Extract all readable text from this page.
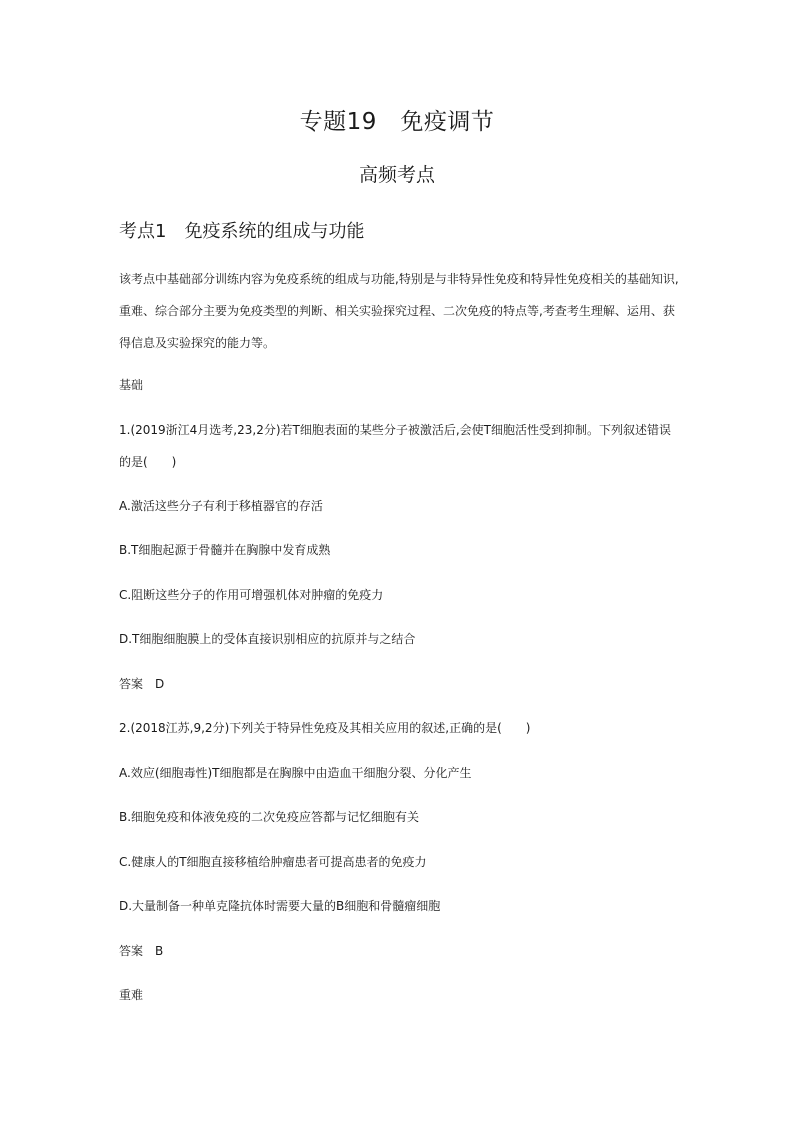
专题19　免疫调节
高频考点
考点1　免疫系统的组成与功能

该考点中基础部分训练内容为免疫系统的组成与功能,特别是与非特异性免疫和特异性免疫相关的基础知识,重难、综合部分主要为免疫类型的判断、相关实验探究过程、二次免疫的特点等,考查考生理解、运用、获得信息及实验探究的能力等。

基础

1.(2019浙江4月选考,23,2分)若T细胞表面的某些分子被激活后,会使T细胞活性受到抑制。下列叙述错误的是(　　)

A.激活这些分子有利于移植器官的存活
B.T细胞起源于骨髓并在胸腺中发育成熟
C.阻断这些分子的作用可增强机体对肿瘤的免疫力
D.T细胞细胞膜上的受体直接识别相应的抗原并与之结合
答案　D
2.(2018江苏,9,2分)下列关于特异性免疫及其相关应用的叙述,正确的是(　　)
A.效应(细胞毒性)T细胞都是在胸腺中由造血干细胞分裂、分化产生
B.细胞免疫和体液免疫的二次免疫应答都与记忆细胞有关
C.健康人的T细胞直接移植给肿瘤患者可提高患者的免疫力
D.大量制备一种单克隆抗体时需要大量的B细胞和骨髓瘤细胞
答案　B
重难
